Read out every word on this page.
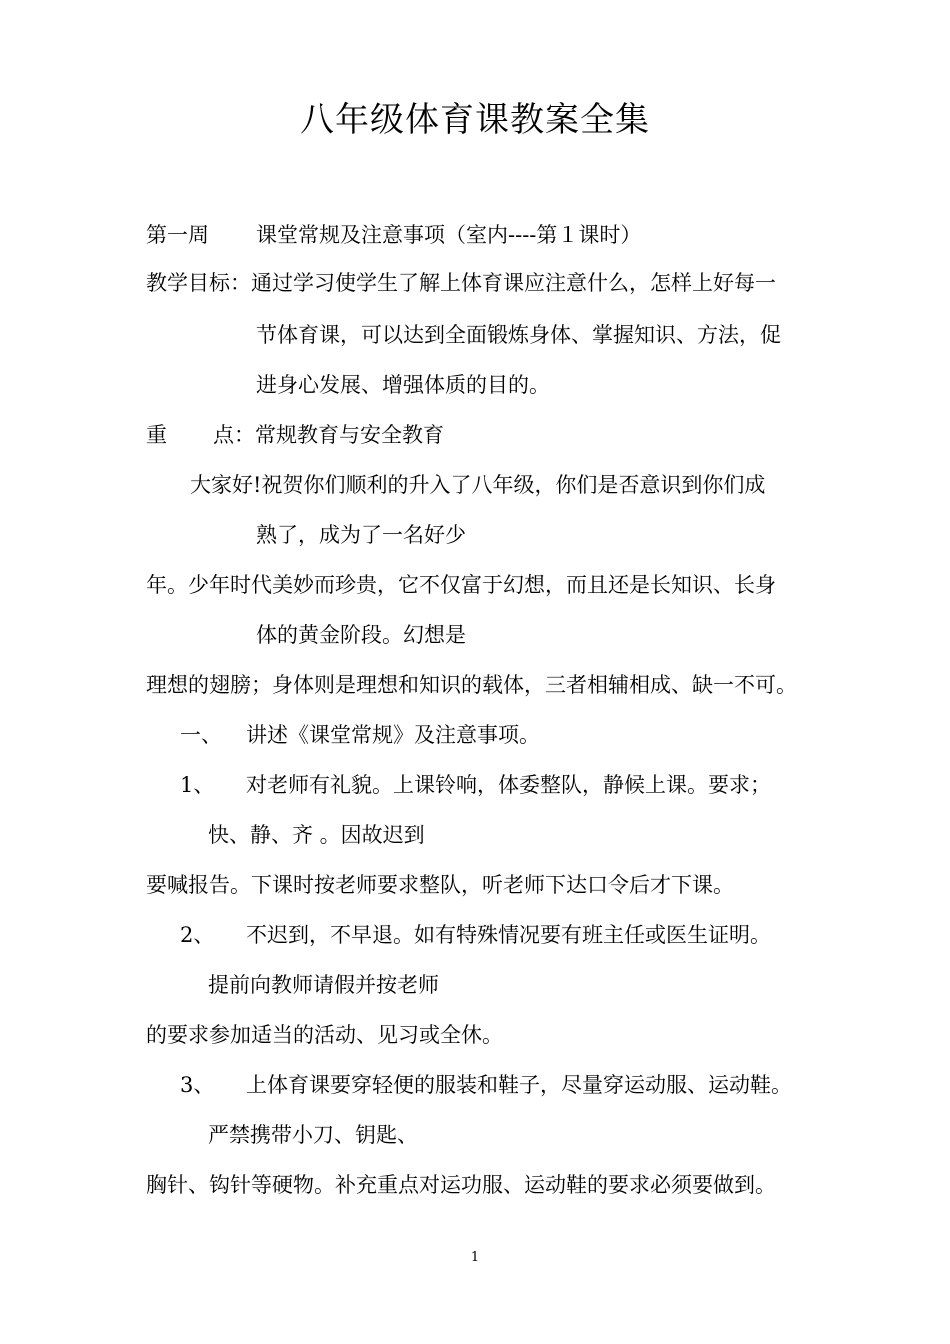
八年级体育课教案全集
第一周 课堂常规及注意事项（室内----第１课时）
教学目标： 通过学习使学生了解上体育课应注意什么，怎样上好每一
节体育课，可以达到全面锻炼身体、掌握知识、方法，促
进身心发展、增强体质的目的。
重 点： 常规教育与安全教育
大家好!祝贺你们顺利的升入了八年级，你们是否意识到你们成
熟了，成为了一名好少
年。少年时代美妙而珍贵，它不仅富于幻想，而且还是长知识、长身
体的黄金阶段。幻想是
理想的翅膀；身体则是理想和知识的载体，三者相辅相成、缺一不可。
一、 讲述《课堂常规》及注意事项。
1、 对老师有礼貌。上课铃响，体委整队，静候上课。要求；
快、静、齐 。因故迟到
要喊报告。下课时按老师要求整队，听老师下达口令后才下课。
2、 不迟到，不早退。如有特殊情况要有班主任或医生证明。
提前向教师请假并按老师
的要求参加适当的活动、见习或全休。
3、 上体育课要穿轻便的服装和鞋子，尽量穿运动服、运动鞋。
严禁携带小刀、钥匙、
胸针、钩针等硬物。补充重点对运功服、运动鞋的要求必须要做到。
1
